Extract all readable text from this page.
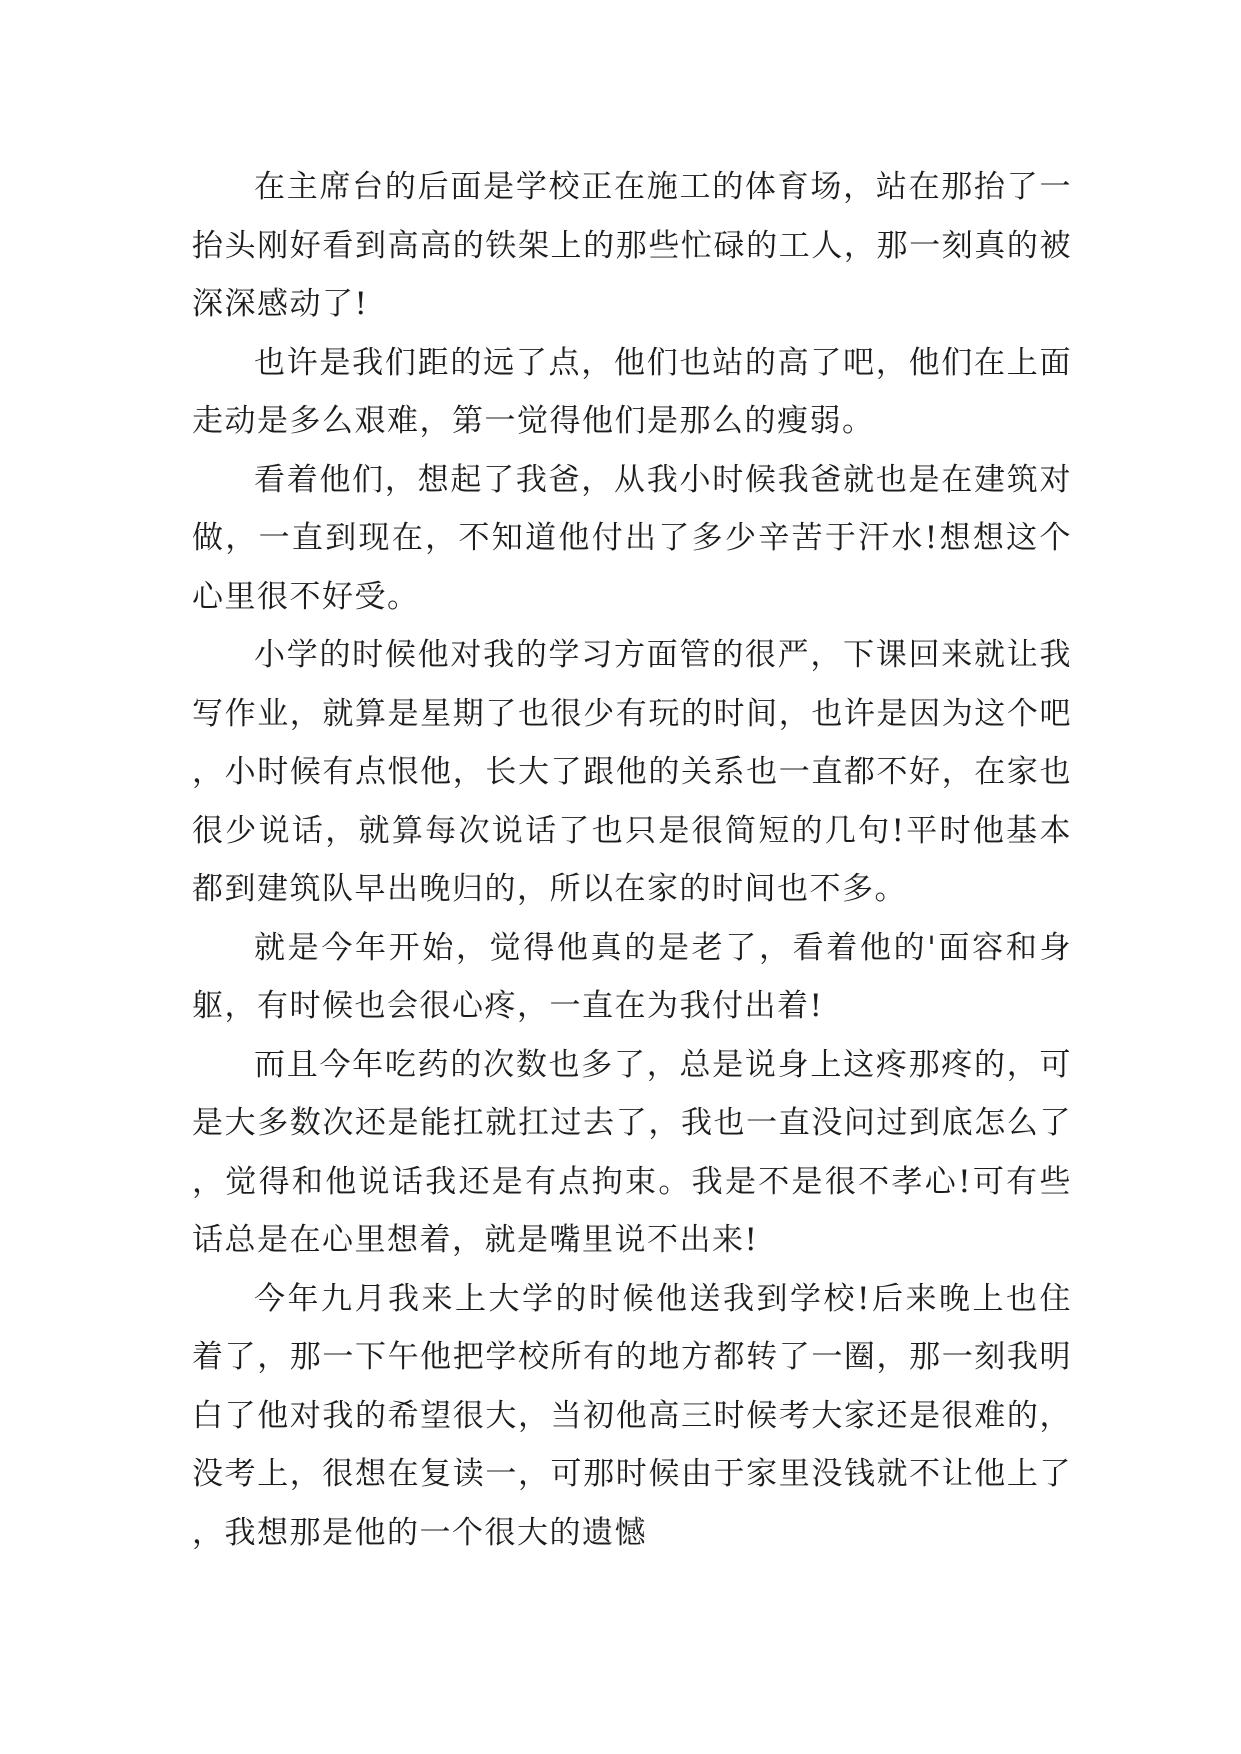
在主席台的后面是学校正在施工的体育场，站在那抬了一抬头刚好看到高高的铁架上的那些忙碌的工人，那一刻真的被深深感动了!

也许是我们距的远了点，他们也站的高了吧，他们在上面走动是多么艰难，第一觉得他们是那么的瘦弱。

看着他们，想起了我爸，从我小时候我爸就也是在建筑对做，一直到现在，不知道他付出了多少辛苦于汗水!想想这个心里很不好受。

小学的时候他对我的学习方面管的很严，下课回来就让我写作业，就算是星期了也很少有玩的时间，也许是因为这个吧，小时候有点恨他，长大了跟他的关系也一直都不好，在家也很少说话，就算每次说话了也只是很简短的几句!平时他基本都到建筑队早出晚归的，所以在家的时间也不多。

就是今年开始，觉得他真的是老了，看着他的'面容和身躯，有时候也会很心疼，一直在为我付出着!

而且今年吃药的次数也多了，总是说身上这疼那疼的，可是大多数次还是能扛就扛过去了，我也一直没问过到底怎么了，觉得和他说话我还是有点拘束。我是不是很不孝心!可有些话总是在心里想着，就是嘴里说不出来!

今年九月我来上大学的时候他送我到学校!后来晚上也住着了，那一下午他把学校所有的地方都转了一圈，那一刻我明白了他对我的希望很大，当初他高三时候考大家还是很难的，没考上，很想在复读一，可那时候由于家里没钱就不让他上了，我想那是他的一个很大的遗憾
